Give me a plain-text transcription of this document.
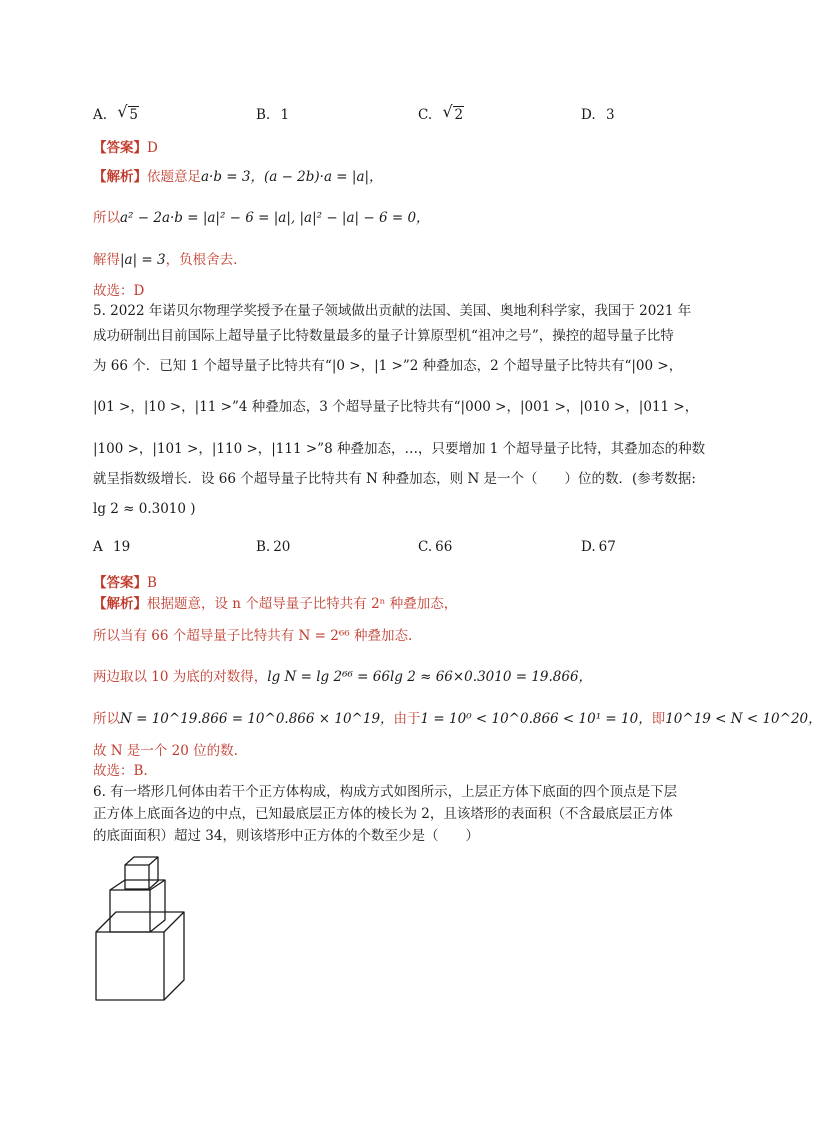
A. √ 5	B. 1	C. √ 2	D. 3
【答案】D
【解析】依题意足a·b = 3，(a − 2b)·a = |a|，
所以a² − 2a·b = |a|² − 6 = |a|, |a|² − |a| − 6 = 0，
解得|a| = 3，负根舍去.
故选：D
5. 2022 年诺贝尔物理学奖授予在量子领域做出贡献的法国、美国、奥地利科学家，我国于 2021 年
成功研制出目前国际上超导量子比特数量最多的量子计算原型机“祖冲之号”，操控的超导量子比特
为 66 个．已知 1 个超导量子比特共有“|0 >，|1 >”2 种叠加态，2 个超导量子比特共有“|00 >，
|01 >，|10 >，|11 >”4 种叠加态，3 个超导量子比特共有“|000 >，|001 >，|010 >，|011 >，
|100 >，|101 >，|110 >，|111 >”8 种叠加态，…，只要增加 1 个超导量子比特，其叠加态的种数
就呈指数级增长．设 66 个超导量子比特共有 N 种叠加态，则 N 是一个（　　）位的数．(参考数据:
lg 2 ≈ 0.3010 )
A 19	B. 20	C. 66	D. 67
【答案】B
【解析】根据题意，设 n 个超导量子比特共有 2ⁿ 种叠加态，
所以当有 66 个超导量子比特共有 N = 2⁶⁶ 种叠加态.
两边取以 10 为底的对数得，lg N = lg 2⁶⁶ = 66lg 2 ≈ 66×0.3010 = 19.866，
所以N = 10^19.866 = 10^0.866 × 10^19，由于1 = 10⁰ < 10^0.866 < 10¹ = 10，即10^19 < N < 10^20，
故 N 是一个 20 位的数.
故选：B.
6. 有一塔形几何体由若干个正方体构成，构成方式如图所示，上层正方体下底面的四个顶点是下层
正方体上底面各边的中点，已知最底层正方体的棱长为 2，且该塔形的表面积（不含最底层正方体
的底面面积）超过 34，则该塔形中正方体的个数至少是（　　）
